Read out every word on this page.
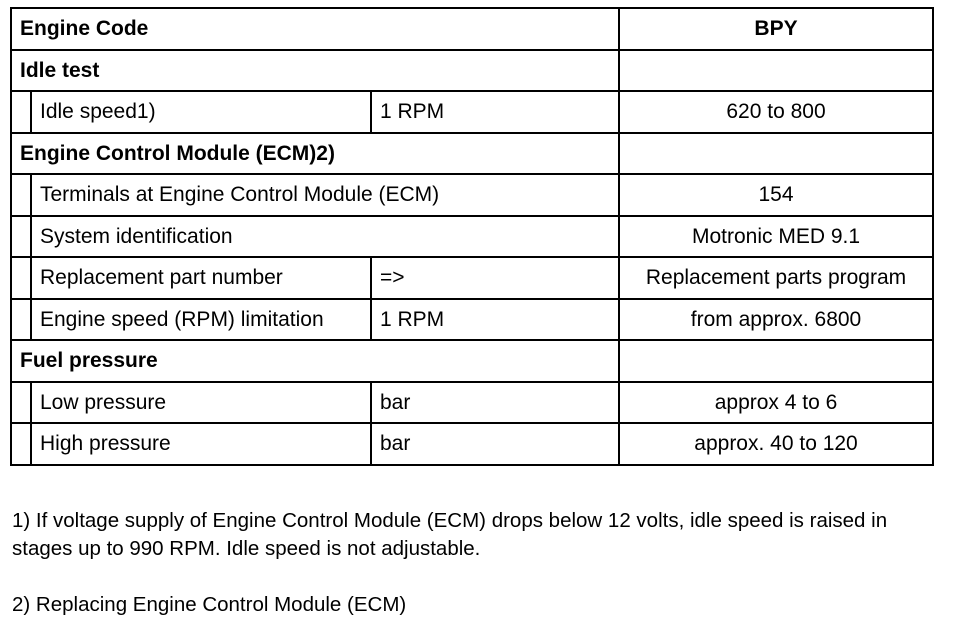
Engine Code			BPY
Idle test			
	Idle speed1)	1 RPM	620 to 800
Engine Control Module (ECM)2)			
	Terminals at Engine Control Module (ECM)		154
	System identification		Motronic MED 9.1
	Replacement part number	=>	Replacement parts program
	Engine speed (RPM) limitation	1 RPM	from approx. 6800
Fuel pressure			
	Low pressure	bar	approx 4 to 6
	High pressure	bar	approx. 40 to 120

1) If voltage supply of Engine Control Module (ECM) drops below 12 volts, idle speed is raised in stages up to 990 RPM. Idle speed is not adjustable.

2) Replacing Engine Control Module (ECM)
